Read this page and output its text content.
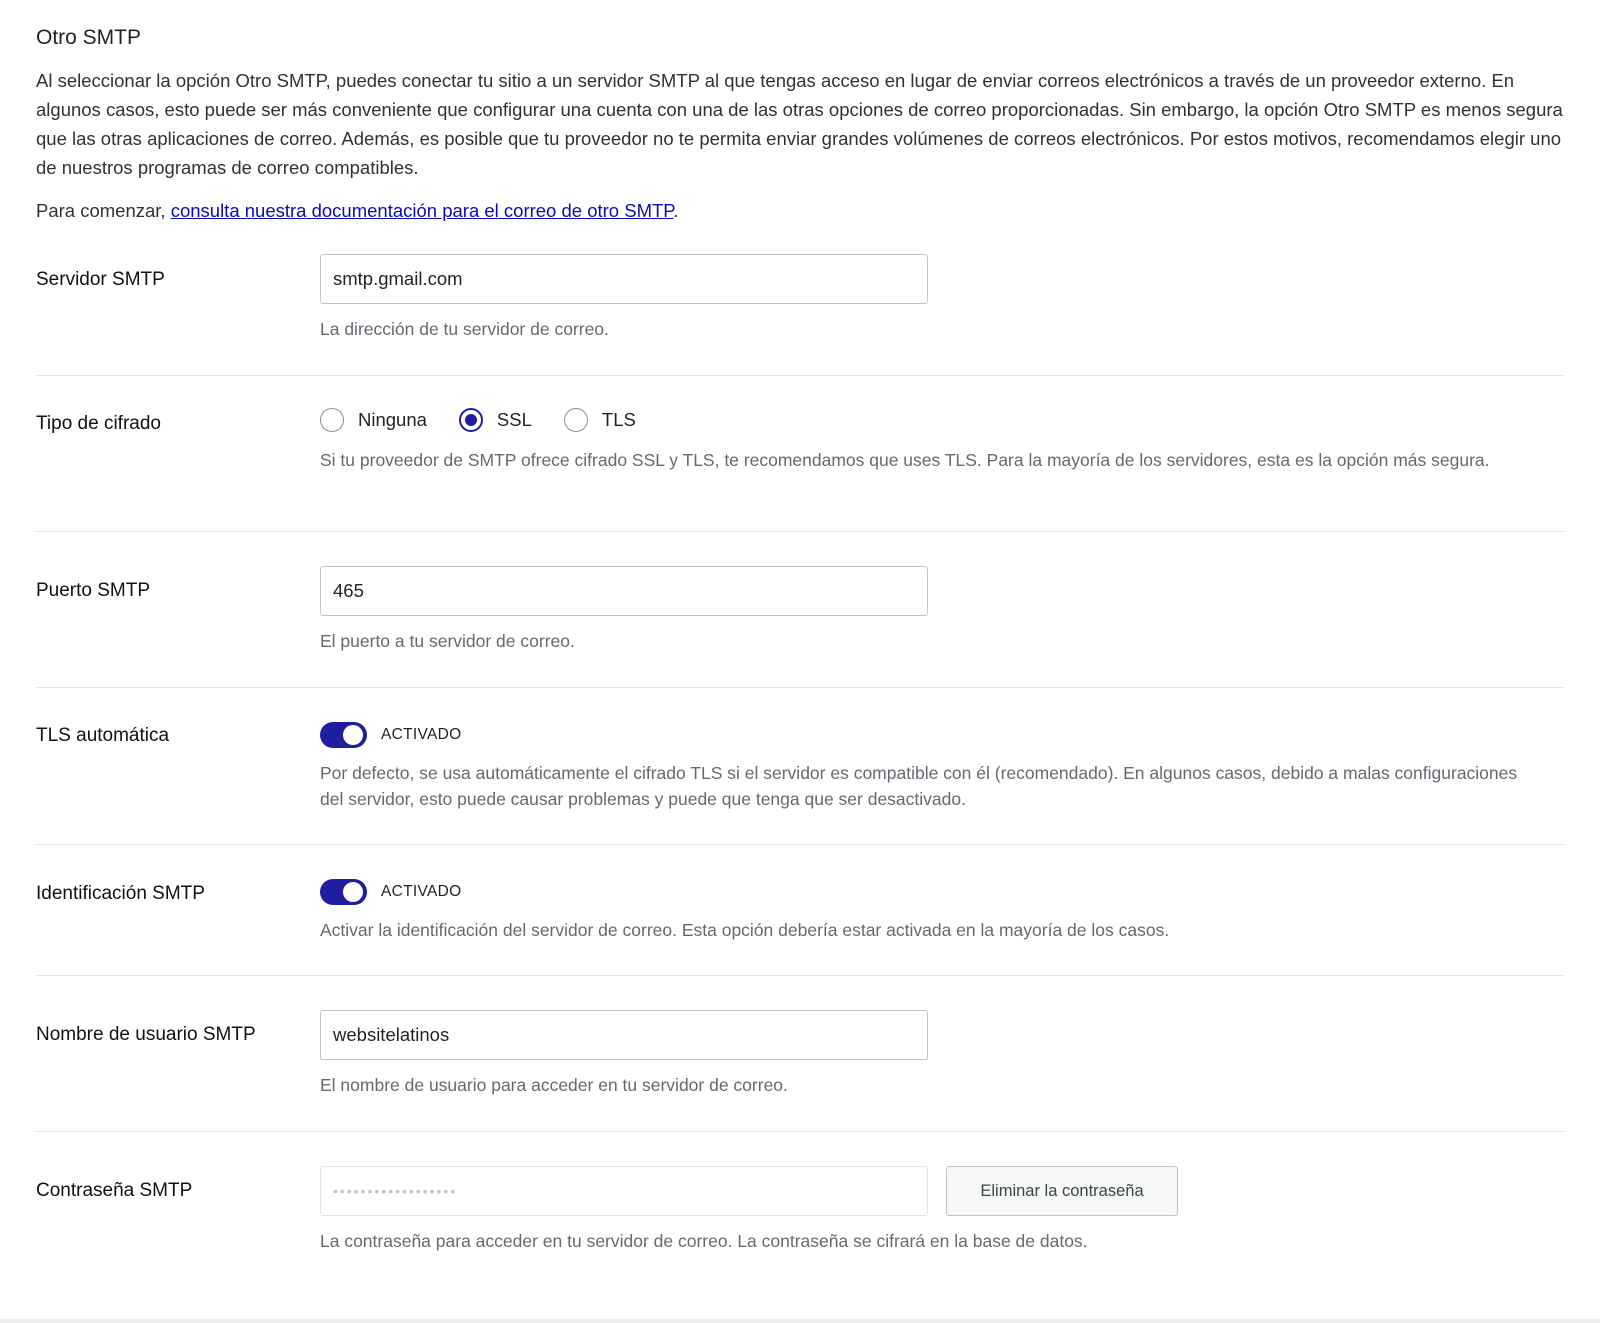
Otro SMTP

Al seleccionar la opción Otro SMTP, puedes conectar tu sitio a un servidor SMTP al que tengas acceso en lugar de enviar correos electrónicos a través de un proveedor externo. En algunos casos, esto puede ser más conveniente que configurar una cuenta con una de las otras opciones de correo proporcionadas. Sin embargo, la opción Otro SMTP es menos segura que las otras aplicaciones de correo. Además, es posible que tu proveedor no te permita enviar grandes volúmenes de correos electrónicos. Por estos motivos, recomendamos elegir uno de nuestros programas de correo compatibles.

Para comenzar, consulta nuestra documentación para el correo de otro SMTP.

Servidor SMTP
smtp.gmail.com
La dirección de tu servidor de correo.
Tipo de cifrado	Ninguna	SSL	TLS
Si tu proveedor de SMTP ofrece cifrado SSL y TLS, te recomendamos que uses TLS. Para la mayoría de los servidores, esta es la opción más segura.
Puerto SMTP
465
El puerto a tu servidor de correo.
TLS automática	ACTIVADO
Por defecto, se usa automáticamente el cifrado TLS si el servidor es compatible con él (recomendado). En algunos casos, debido a malas configuraciones del servidor, esto puede causar problemas y puede que tenga que ser desactivado.
Identificación SMTP	ACTIVADO
Activar la identificación del servidor de correo. Esta opción debería estar activada en la mayoría de los casos.
Nombre de usuario SMTP
websitelatinos
El nombre de usuario para acceder en tu servidor de correo.
Contraseña SMTP
••••••••••••••••••	Eliminar la contraseña
La contraseña para acceder en tu servidor de correo. La contraseña se cifrará en la base de datos.
